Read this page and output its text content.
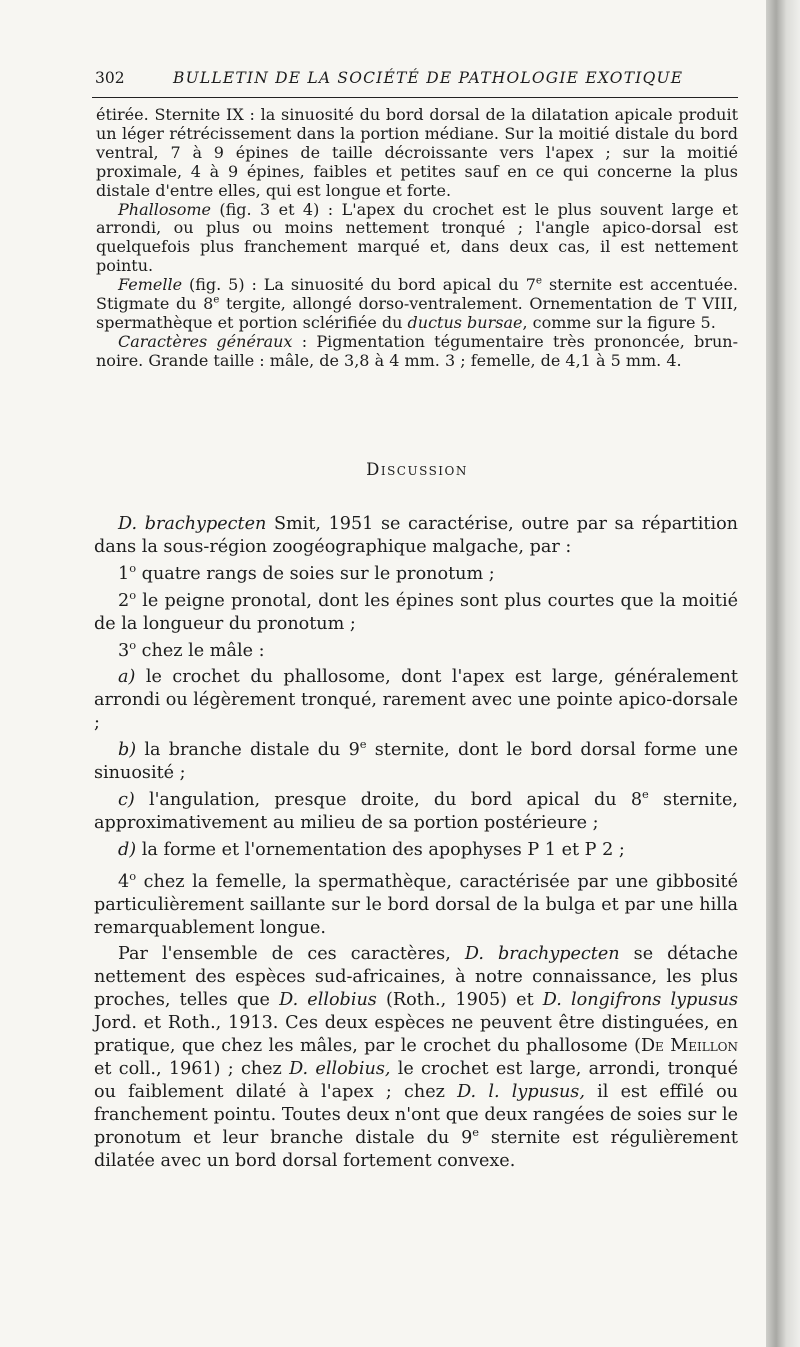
302	BULLETIN DE LA SOCIÉTÉ DE PATHOLOGIE EXOTIQUE

étirée. Sternite IX : la sinuosité du bord dorsal de la dilatation apicale produit un léger rétrécissement dans la portion médiane. Sur la moitié distale du bord ventral, 7 à 9 épines de taille décroissante vers l'apex ; sur la moitié proximale, 4 à 9 épines, faibles et petites sauf en ce qui concerne la plus distale d'entre elles, qui est longue et forte.

Phallosome (fig. 3 et 4) : L'apex du crochet est le plus souvent large et arrondi, ou plus ou moins nettement tronqué ; l'angle apico-dorsal est quelquefois plus franchement marqué et, dans deux cas, il est nettement pointu.

Femelle (fig. 5) : La sinuosité du bord apical du 7e sternite est accentuée. Stigmate du 8e tergite, allongé dorso-ventralement. Ornementation de T VIII, spermathèque et portion sclérifiée du ductus bursae, comme sur la figure 5.

Caractères généraux : Pigmentation tégumentaire très prononcée, brun-noire. Grande taille : mâle, de 3,8 à 4 mm. 3 ; femelle, de 4,1 à 5 mm. 4.

Discussion

D. brachypecten Smit, 1951 se caractérise, outre par sa répartition dans la sous-région zoogéographique malgache, par :

1$^o$ quatre rangs de soies sur le pronotum ;

2$^o$ le peigne pronotal, dont les épines sont plus courtes que la moitié de la longueur du pronotum ;

3$^o$ chez le mâle :

a) le crochet du phallosome, dont l'apex est large, généralement arrondi ou légèrement tronqué, rarement avec une pointe apico-dorsale ;

b) la branche distale du 9e sternite, dont le bord dorsal forme une sinuosité ;

c) l'angulation, presque droite, du bord apical du 8e sternite, approximativement au milieu de sa portion postérieure ;

d) la forme et l'ornementation des apophyses P 1 et P 2 ;

4$^o$ chez la femelle, la spermathèque, caractérisée par une gibbosité particulièrement saillante sur le bord dorsal de la bulga et par une hilla remarquablement longue.

Par l'ensemble de ces caractères, D. brachypecten se détache nettement des espèces sud-africaines, à notre connaissance, les plus proches, telles que D. ellobius (Roth., 1905) et D. longifrons lypusus Jord. et Roth., 1913. Ces deux espèces ne peuvent être distinguées, en pratique, que chez les mâles, par le crochet du phallosome (De Meillon et coll., 1961) ; chez D. ellobius, le crochet est large, arrondi, tronqué ou faiblement dilaté à l'apex ; chez D. l. lypusus, il est effilé ou franchement pointu. Toutes deux n'ont que deux rangées de soies sur le pronotum et leur branche distale du 9e sternite est régulièrement dilatée avec un bord dorsal fortement convexe.
